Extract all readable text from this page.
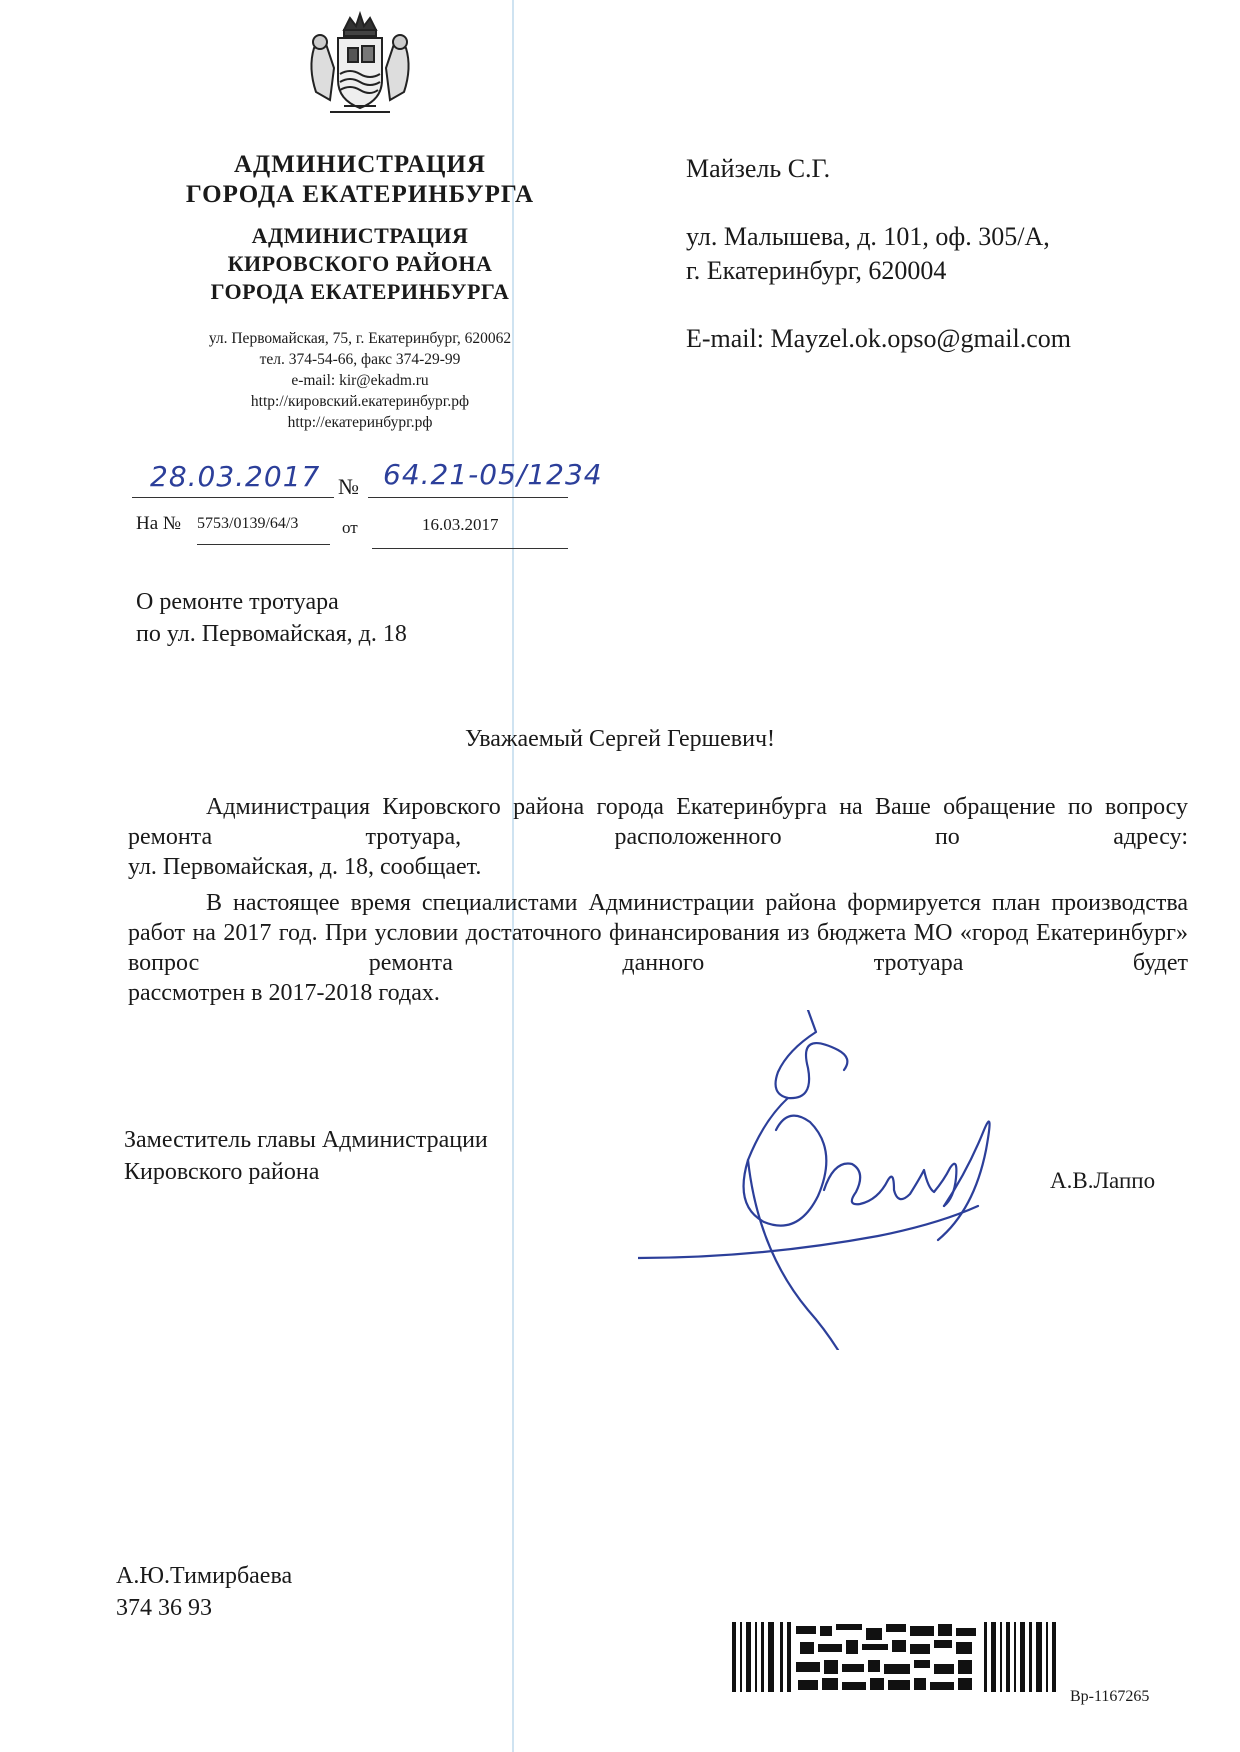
АДМИНИСТРАЦИЯ
ГОРОДА ЕКАТЕРИНБУРГА
АДМИНИСТРАЦИЯ
КИРОВСКОГО РАЙОНА
ГОРОДА ЕКАТЕРИНБУРГА
ул. Первомайская, 75, г. Екатеринбург, 620062
тел. 374-54-66, факс 374-29-99
e-mail: kir@ekadm.ru
http://кировский.екатеринбург.рф
http://екатеринбург.рф
28.03.2017 № 64.21-05/1234
На № 5753/0139/64/3	от	16.03.2017
Майзель С.Г.
ул. Малышева, д. 101, оф. 305/А,
г. Екатеринбург, 620004
E-mail: Mayzel.ok.opso@gmail.com
О ремонте тротуара
по ул. Первомайская, д. 18
Уважаемый Сергей Гершевич!
Администрация Кировского района города Екатеринбурга на Ваше обращение по вопросу ремонта тротуара, расположенного по адресу:
ул. Первомайская, д. 18, сообщает.
В настоящее время специалистами Администрации района формируется план производства работ на 2017 год. При условии достаточного финансирования из бюджета МО «город Екатеринбург» вопрос ремонта данного тротуара будет
рассмотрен в 2017-2018 годах.
Заместитель главы Администрации
Кировского района	А.В.Лаппо
А.Ю.Тимирбаева
374 36 93
Вр-1167265
